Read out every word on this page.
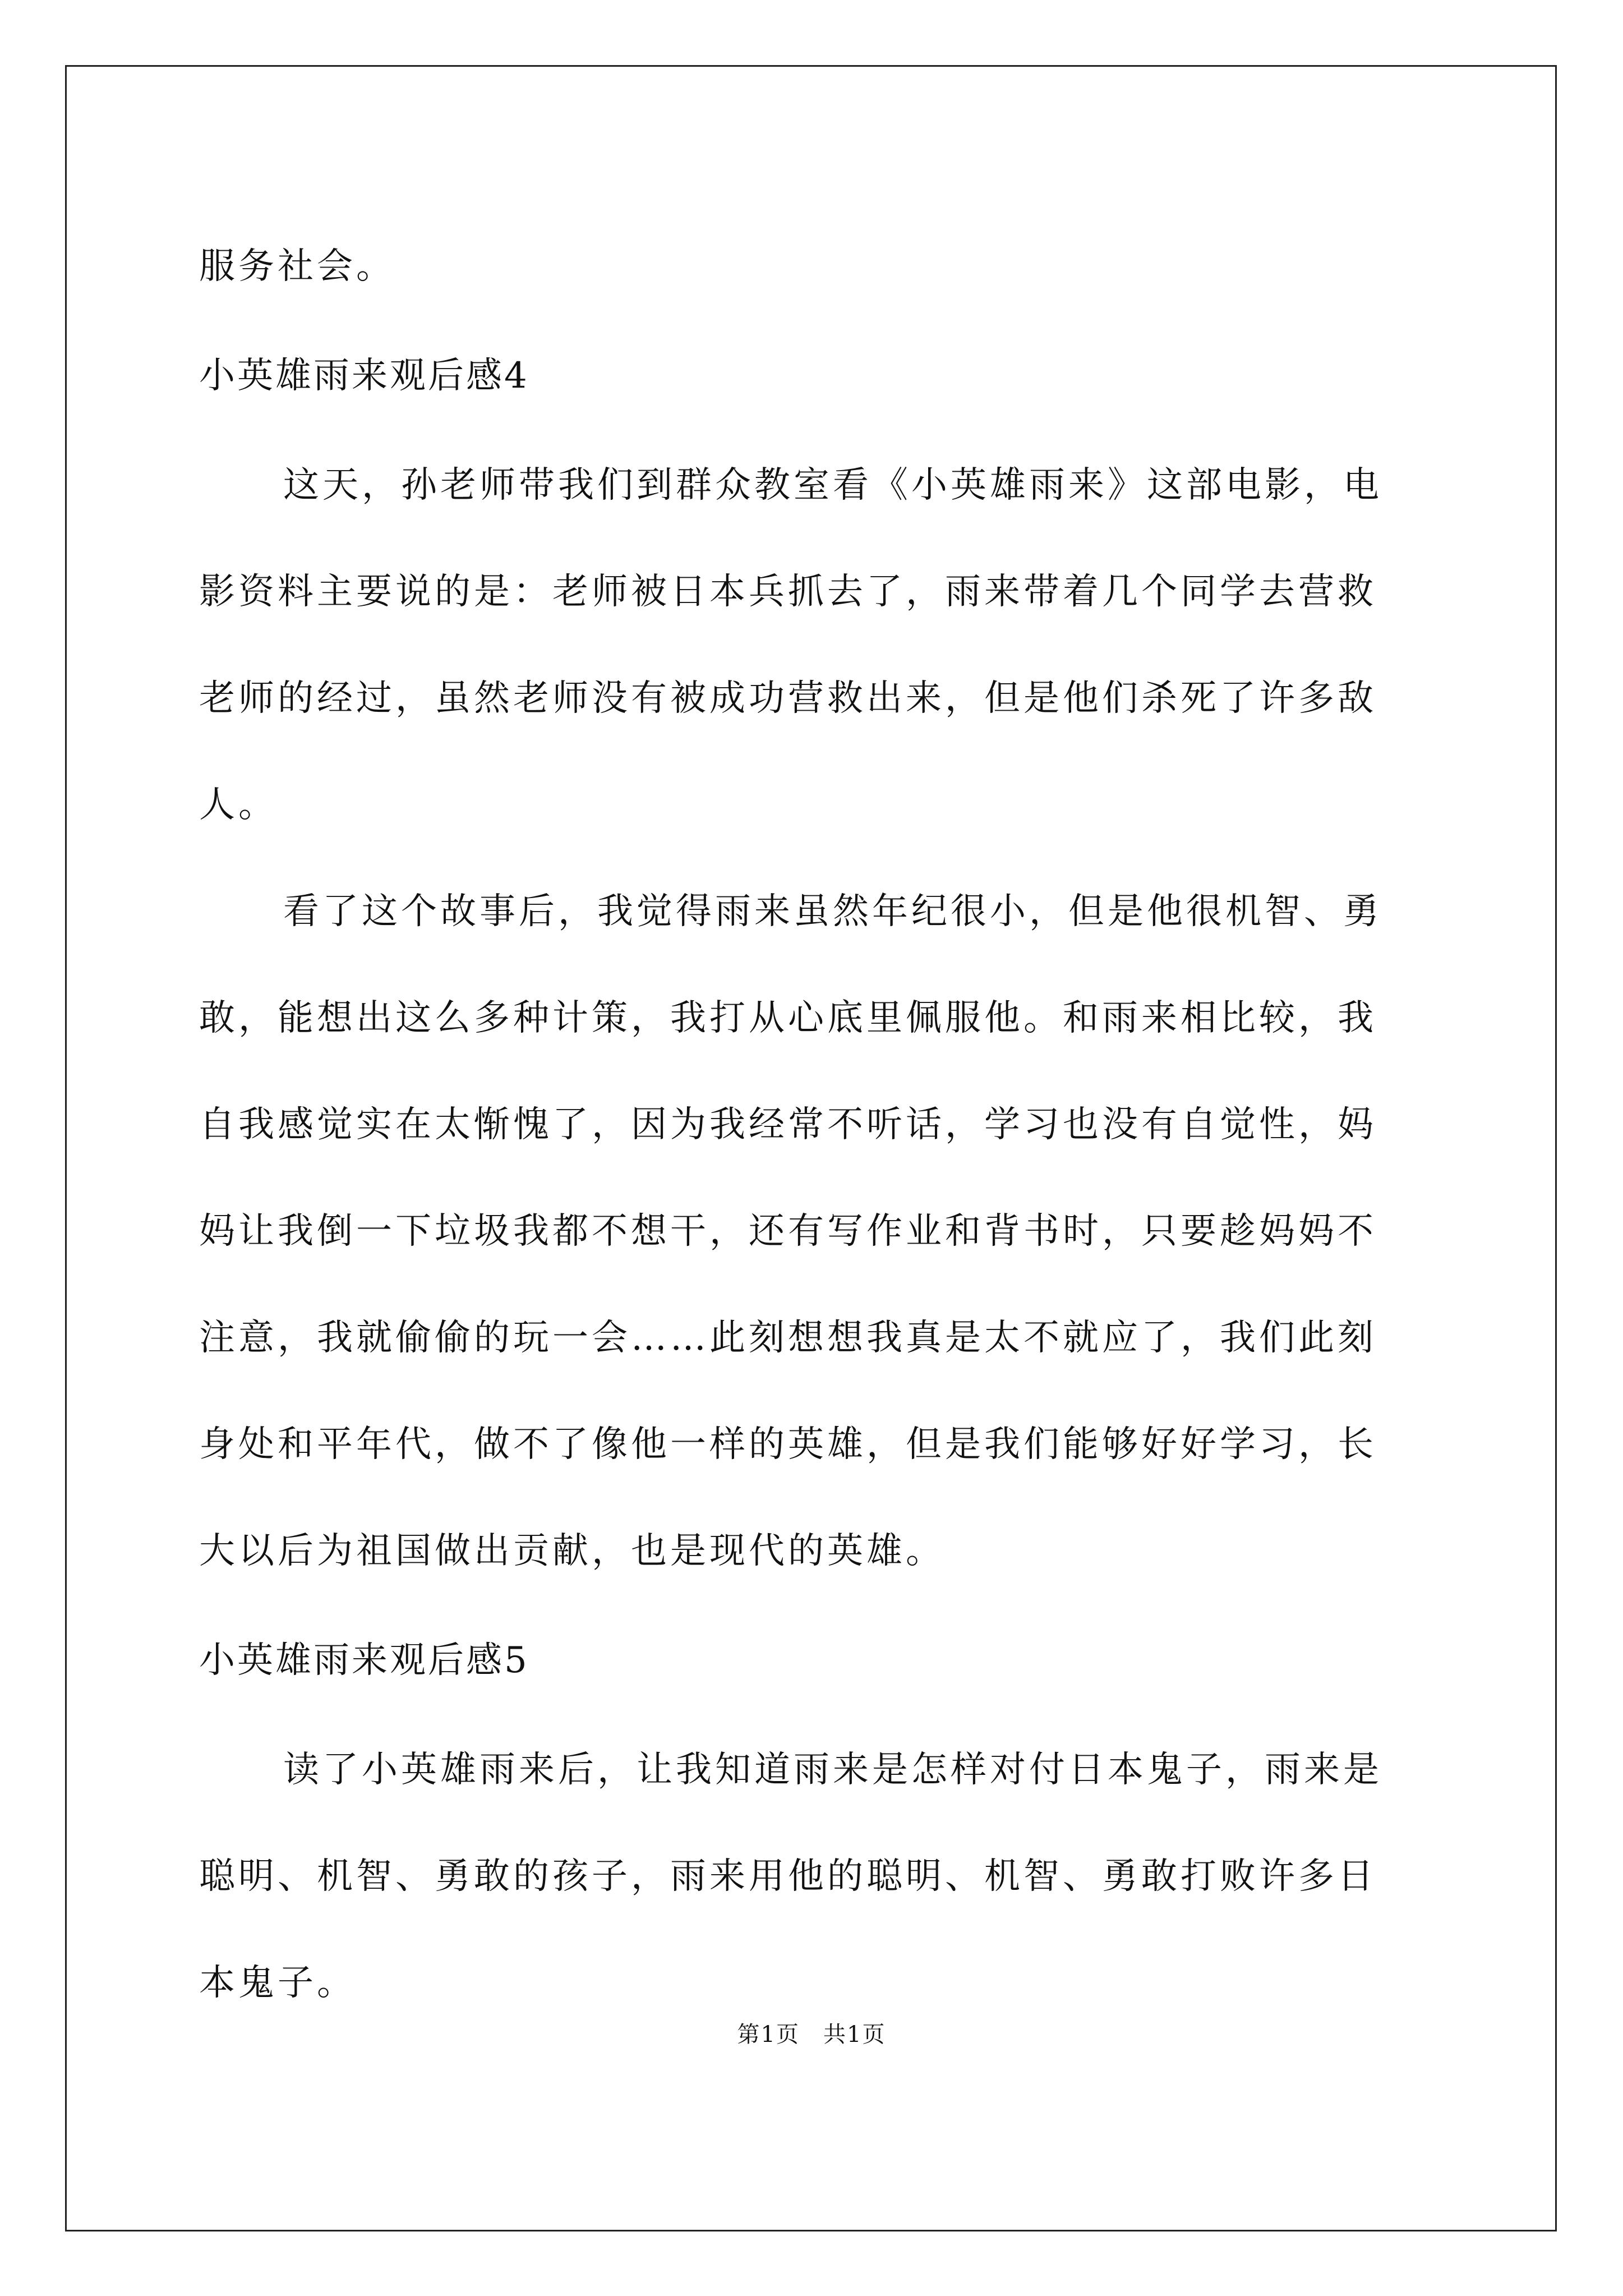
服务社会。

小英雄雨来观后感4

这天，孙老师带我们到群众教室看《小英雄雨来》这部电影，电

影资料主要说的是：老师被日本兵抓去了，雨来带着几个同学去营救

老师的经过，虽然老师没有被成功营救出来，但是他们杀死了许多敌

人。

看了这个故事后，我觉得雨来虽然年纪很小，但是他很机智、勇

敢，能想出这么多种计策，我打从心底里佩服他。和雨来相比较，我

自我感觉实在太惭愧了，因为我经常不听话，学习也没有自觉性，妈

妈让我倒一下垃圾我都不想干，还有写作业和背书时，只要趁妈妈不

注意，我就偷偷的玩一会……此刻想想我真是太不就应了，我们此刻

身处和平年代，做不了像他一样的英雄，但是我们能够好好学习，长

大以后为祖国做出贡献，也是现代的英雄。

小英雄雨来观后感5

读了小英雄雨来后，让我知道雨来是怎样对付日本鬼子，雨来是

聪明、机智、勇敢的孩子，雨来用他的聪明、机智、勇敢打败许多日

本鬼子。

第1页　共1页
